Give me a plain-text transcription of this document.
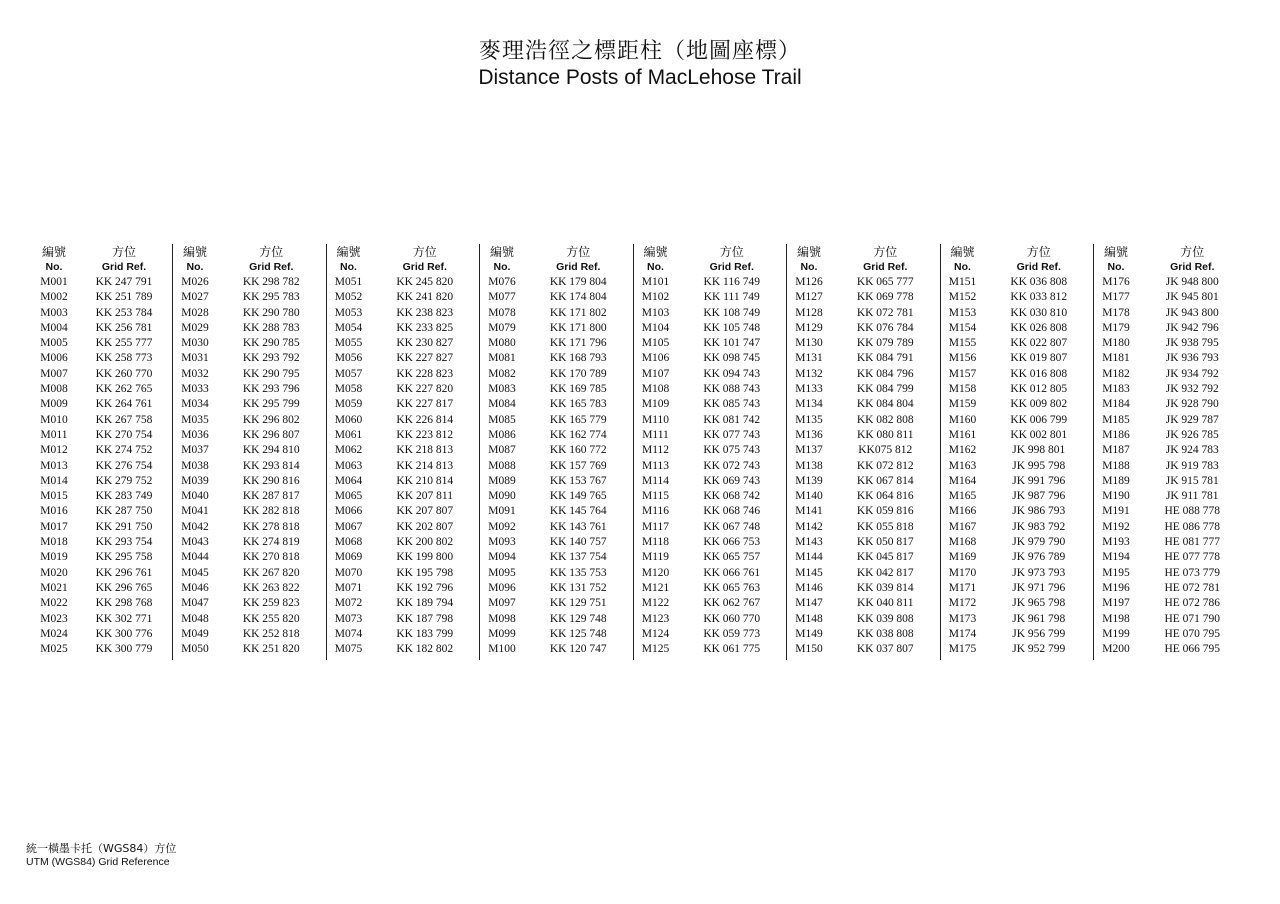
麥理浩徑之標距柱（地圖座標）
Distance Posts of MacLehose Trail
編號	方位
No.	Grid Ref.
M001	KK 247 791
M002	KK 251 789
M003	KK 253 784
M004	KK 256 781
M005	KK 255 777
M006	KK 258 773
M007	KK 260 770
M008	KK 262 765
M009	KK 264 761
M010	KK 267 758
M011	KK 270 754
M012	KK 274 752
M013	KK 276 754
M014	KK 279 752
M015	KK 283 749
M016	KK 287 750
M017	KK 291 750
M018	KK 293 754
M019	KK 295 758
M020	KK 296 761
M021	KK 296 765
M022	KK 298 768
M023	KK 302 771
M024	KK 300 776
M025	KK 300 779
編號	方位
No.	Grid Ref.
M026	KK 298 782
M027	KK 295 783
M028	KK 290 780
M029	KK 288 783
M030	KK 290 785
M031	KK 293 792
M032	KK 290 795
M033	KK 293 796
M034	KK 295 799
M035	KK 296 802
M036	KK 296 807
M037	KK 294 810
M038	KK 293 814
M039	KK 290 816
M040	KK 287 817
M041	KK 282 818
M042	KK 278 818
M043	KK 274 819
M044	KK 270 818
M045	KK 267 820
M046	KK 263 822
M047	KK 259 823
M048	KK 255 820
M049	KK 252 818
M050	KK 251 820
編號	方位
No.	Grid Ref.
M051	KK 245 820
M052	KK 241 820
M053	KK 238 823
M054	KK 233 825
M055	KK 230 827
M056	KK 227 827
M057	KK 228 823
M058	KK 227 820
M059	KK 227 817
M060	KK 226 814
M061	KK 223 812
M062	KK 218 813
M063	KK 214 813
M064	KK 210 814
M065	KK 207 811
M066	KK 207 807
M067	KK 202 807
M068	KK 200 802
M069	KK 199 800
M070	KK 195 798
M071	KK 192 796
M072	KK 189 794
M073	KK 187 798
M074	KK 183 799
M075	KK 182 802
編號	方位
No.	Grid Ref.
M076	KK 179 804
M077	KK 174 804
M078	KK 171 802
M079	KK 171 800
M080	KK 171 796
M081	KK 168 793
M082	KK 170 789
M083	KK 169 785
M084	KK 165 783
M085	KK 165 779
M086	KK 162 774
M087	KK 160 772
M088	KK 157 769
M089	KK 153 767
M090	KK 149 765
M091	KK 145 764
M092	KK 143 761
M093	KK 140 757
M094	KK 137 754
M095	KK 135 753
M096	KK 131 752
M097	KK 129 751
M098	KK 129 748
M099	KK 125 748
M100	KK 120 747
編號	方位
No.	Grid Ref.
M101	KK 116 749
M102	KK 111 749
M103	KK 108 749
M104	KK 105 748
M105	KK 101 747
M106	KK 098 745
M107	KK 094 743
M108	KK 088 743
M109	KK 085 743
M110	KK 081 742
M111	KK 077 743
M112	KK 075 743
M113	KK 072 743
M114	KK 069 743
M115	KK 068 742
M116	KK 068 746
M117	KK 067 748
M118	KK 066 753
M119	KK 065 757
M120	KK 066 761
M121	KK 065 763
M122	KK 062 767
M123	KK 060 770
M124	KK 059 773
M125	KK 061 775
編號	方位
No.	Grid Ref.
M126	KK 065 777
M127	KK 069 778
M128	KK 072 781
M129	KK 076 784
M130	KK 079 789
M131	KK 084 791
M132	KK 084 796
M133	KK 084 799
M134	KK 084 804
M135	KK 082 808
M136	KK 080 811
M137	KK075 812
M138	KK 072 812
M139	KK 067 814
M140	KK 064 816
M141	KK 059 816
M142	KK 055 818
M143	KK 050 817
M144	KK 045 817
M145	KK 042 817
M146	KK 039 814
M147	KK 040 811
M148	KK 039 808
M149	KK 038 808
M150	KK 037 807
編號	方位
No.	Grid Ref.
M151	KK 036 808
M152	KK 033 812
M153	KK 030 810
M154	KK 026 808
M155	KK 022 807
M156	KK 019 807
M157	KK 016 808
M158	KK 012 805
M159	KK 009 802
M160	KK 006 799
M161	KK 002 801
M162	JK 998 801
M163	JK 995 798
M164	JK 991 796
M165	JK 987 796
M166	JK 986 793
M167	JK 983 792
M168	JK 979 790
M169	JK 976 789
M170	JK 973 793
M171	JK 971 796
M172	JK 965 798
M173	JK 961 798
M174	JK 956 799
M175	JK 952 799
編號	方位
No.	Grid Ref.
M176	JK 948 800
M177	JK 945 801
M178	JK 943 800
M179	JK 942 796
M180	JK 938 795
M181	JK 936 793
M182	JK 934 792
M183	JK 932 792
M184	JK 928 790
M185	JK 929 787
M186	JK 926 785
M187	JK 924 783
M188	JK 919 783
M189	JK 915 781
M190	JK 911 781
M191	HE 088 778
M192	HE 086 778
M193	HE 081 777
M194	HE 077 778
M195	HE 073 779
M196	HE 072 781
M197	HE 072 786
M198	HE 071 790
M199	HE 070 795
M200	HE 066 795
統一橫墨卡托（WGS84）方位
UTM (WGS84) Grid Reference
